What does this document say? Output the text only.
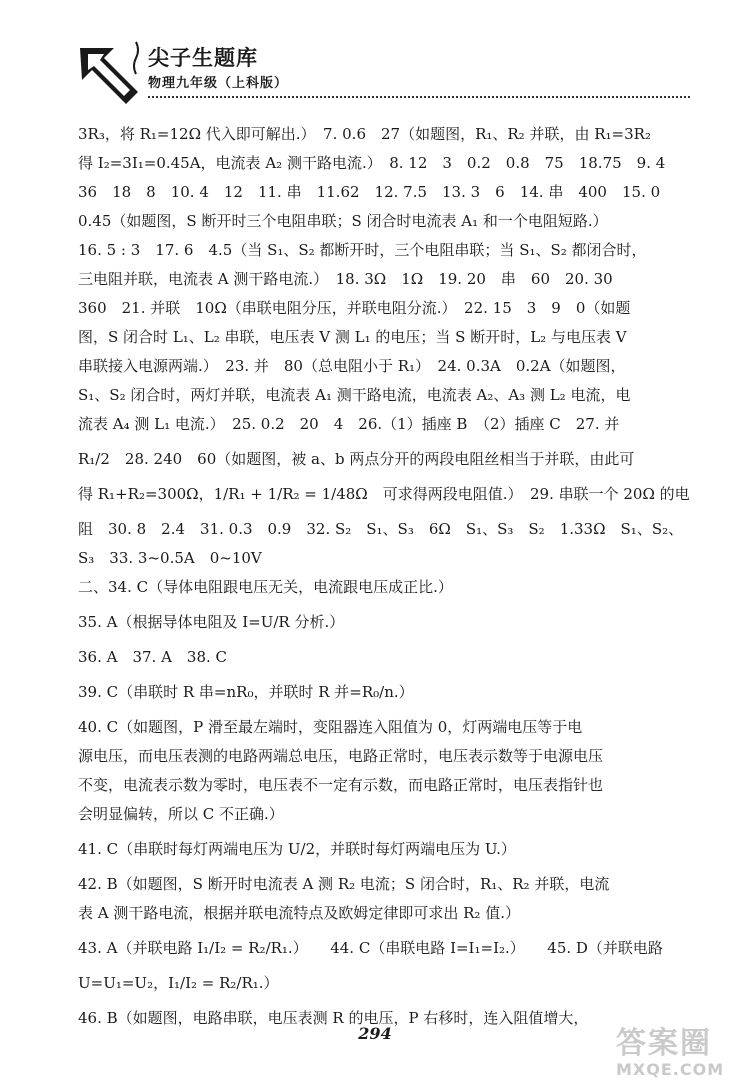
尖子生题库
物理九年级（上科版）
3R₃，将 R₁=12Ω 代入即可解出.）　7. 0.6　27（如题图，R₁、R₂ 并联，由 R₁=3R₂
得 I₂=3I₁=0.45A，电流表 A₂ 测干路电流.）　8. 12　3　0.2　0.8　75　18.75　9. 4
36　18　8　10. 4　12　11. 串　11.62　12. 7.5　13. 3　6　14. 串　400　15. 0
0.45（如题图，S 断开时三个电阻串联；S 闭合时电流表 A₁ 和一个电阻短路.）
16. 5 : 3　17. 6　4.5（当 S₁、S₂ 都断开时，三个电阻串联；当 S₁、S₂ 都闭合时，
三电阻并联，电流表 A 测干路电流.）　18. 3Ω　1Ω　19. 20　串　60　20. 30
360　21. 并联　10Ω（串联电阻分压，并联电阻分流.）　22. 15　3　9　0（如题
图，S 闭合时 L₁、L₂ 串联，电压表 V 测 L₁ 的电压；当 S 断开时，L₂ 与电压表 V
串联接入电源两端.）　23. 并　80（总电阻小于 R₁）　24. 0.3A　0.2A（如题图，
S₁、S₂ 闭合时，两灯并联，电流表 A₁ 测干路电流，电流表 A₂、A₃ 测 L₂ 电流，电
流表 A₄ 测 L₁ 电流.）　25. 0.2　20　4　26.（1）插座 B　（2）插座 C　27. 并
R₁/2　28. 240　60（如题图，被 a、b 两点分开的两段电阻丝相当于并联，由此可
得 R₁+R₂=300Ω，1/R₁ + 1/R₂ = 1/48Ω　可求得两段电阻值.）　29. 串联一个 20Ω 的电
阻　30. 8　2.4　31. 0.3　0.9　32. S₂　S₁、S₃　6Ω　S₁、S₃　S₂　1.33Ω　S₁、S₂、
S₃　33. 3~0.5A　0~10V
二、34. C（导体电阻跟电压无关，电流跟电压成正比.）
35. A（根据导体电阻及 I=U/R 分析.）
36. A　37. A　38. C
39. C（串联时 R 串=nR₀，并联时 R 并=R₀/n.）
40. C（如题图，P 滑至最左端时，变阻器连入阻值为 0，灯两端电压等于电
源电压，而电压表测的电路两端总电压，电路正常时，电压表示数等于电源电压
不变，电流表示数为零时，电压表不一定有示数，而电路正常时，电压表指针也
会明显偏转，所以 C 不正确.）
41. C（串联时每灯两端电压为 U/2，并联时每灯两端电压为 U.）
42. B（如题图，S 断开时电流表 A 测 R₂ 电流；S 闭合时，R₁、R₂ 并联，电流
表 A 测干路电流，根据并联电流特点及欧姆定律即可求出 R₂ 值.）
43. A（并联电路 I₁/I₂ = R₂/R₁.）　　44. C（串联电路 I=I₁=I₂.）　　45. D（并联电路
U=U₁=U₂，I₁/I₂ = R₂/R₁.）
46. B（如题图，电路串联，电压表测 R 的电压，P 右移时，连入阻值增大，
294	答案圈
MXQE.COM
